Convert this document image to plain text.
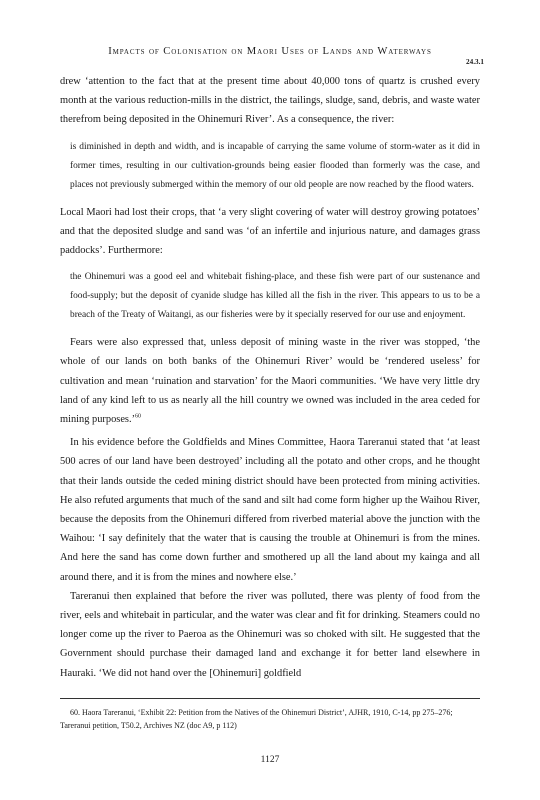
Impacts of Colonisation on Maori Uses of Lands and Waterways
24.3.1

drew ‘attention to the fact that at the present time about 40,000 tons of quartz is crushed every month at the various reduction-mills in the district, the tailings, sludge, sand, debris, and waste water therefrom being deposited in the Ohinemuri River’. As a consequence, the river:

is diminished in depth and width, and is incapable of carrying the same volume of storm-water as it did in former times, resulting in our cultivation-grounds being easier flooded than formerly was the case, and places not previously submerged within the memory of our old people are now reached by the flood waters.

Local Maori had lost their crops, that ‘a very slight covering of water will destroy growing potatoes’ and that the deposited sludge and sand was ‘of an infertile and injurious nature, and damages grass paddocks’. Furthermore:

the Ohinemuri was a good eel and whitebait fishing-place, and these fish were part of our sustenance and food-supply; but the deposit of cyanide sludge has killed all the fish in the river. This appears to us to be a breach of the Treaty of Waitangi, as our fisheries were by it specially reserved for our use and enjoyment.

Fears were also expressed that, unless deposit of mining waste in the river was stopped, ‘the whole of our lands on both banks of the Ohinemuri River’ would be ‘rendered useless’ for cultivation and mean ‘ruination and starvation’ for the Maori communities. ‘We have very little dry land of any kind left to us as nearly all the hill country we owned was included in the area ceded for mining purposes.’$^{60}$

In his evidence before the Goldfields and Mines Committee, Haora Tareranui stated that ‘at least 500 acres of our land have been destroyed’ including all the potato and other crops, and he thought that their lands outside the ceded mining district should have been protected from mining activities. He also refuted arguments that much of the sand and silt had come form higher up the Waihou River, because the deposits from the Ohinemuri differed from riverbed material above the junction with the Waihou: ‘I say definitely that the water that is causing the trouble at Ohinemuri is from the mines. And here the sand has come down further and smothered up all the land about my kainga and all around there, and it is from the mines and nowhere else.’

Tareranui then explained that before the river was polluted, there was plenty of food from the river, eels and whitebait in particular, and the water was clear and fit for drinking. Steamers could no longer come up the river to Paeroa as the Ohinemuri was so choked with silt. He suggested that the Government should purchase their damaged land and exchange it for better land elsewhere in Hauraki. ‘We did not hand over the [Ohinemuri] goldfield

60. Haora Tareranui, ‘Exhibit 22: Petition from the Natives of the Ohinemuri District’, AJHR, 1910, C-14, pp 275–276; Tareranui petition, T50.2, Archives NZ (doc A9, p 112)
1127
